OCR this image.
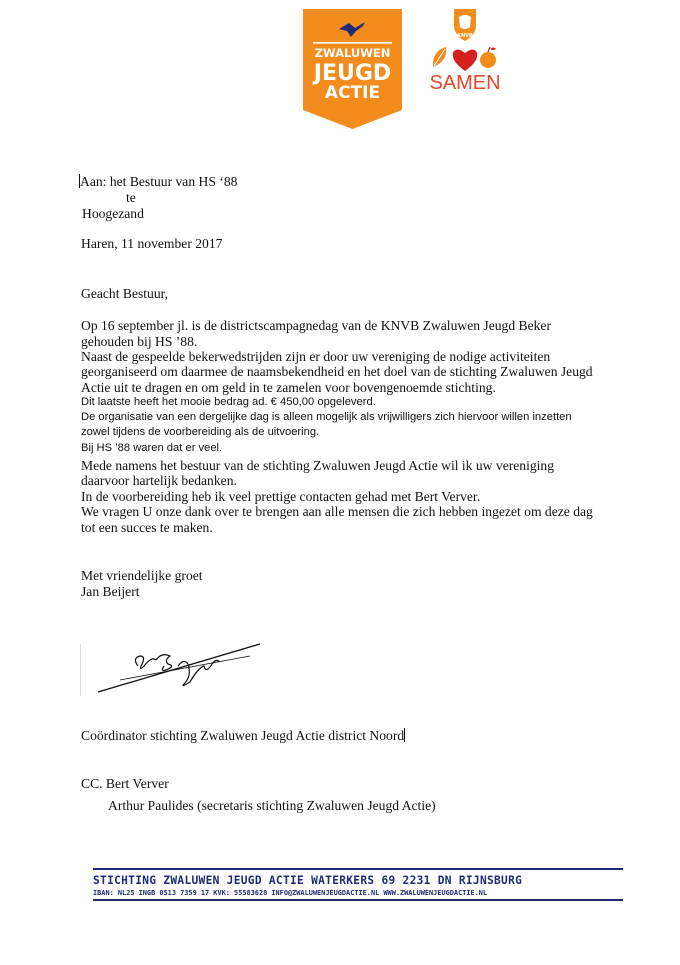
ZWALUWEN
JEUGD
ACTIE
KNVB
SAMEN
Aan: het Bestuur van HS ‘88
te
Hoogezand
Haren, 11 november 2017
Geacht Bestuur,
Op 16 september jl. is de districtscampagnedag van de KNVB Zwaluwen Jeugd Beker
gehouden bij HS ’88.
Naast de gespeelde bekerwedstrijden zijn er door uw vereniging de nodige activiteiten
georganiseerd om daarmee de naamsbekendheid en het doel van de stichting Zwaluwen Jeugd
Actie uit te dragen en om geld in te zamelen voor bovengenoemde stichting.
Dit laatste heeft het mooie bedrag ad. € 450,00 opgeleverd.
De organisatie van een dergelijke dag is alleen mogelijk als vrijwilligers zich hiervoor willen inzetten
zowel tijdens de voorbereiding als de uitvoering.
Bij HS ’88 waren dat er veel.
Mede namens het bestuur van de stichting Zwaluwen Jeugd Actie wil ik uw vereniging
daarvoor hartelijk bedanken.
In de voorbereiding heb ik veel prettige contacten gehad met Bert Verver.
We vragen U onze dank over te brengen aan alle mensen die zich hebben ingezet om deze dag
tot een succes te maken.
Met vriendelijke groet
Jan Beijert
Coördinator stichting Zwaluwen Jeugd Actie district Noord
CC. Bert Verver
Arthur Paulides (secretaris stichting Zwaluwen Jeugd Actie)
STICHTING ZWALUWEN JEUGD ACTIE WATERKERS 69 2231 DN RIJNSBURG
IBAN: NL25 INGB 0513 7359 17 KVK: 55583628 INFO@ZWALUWENJEUGDACTIE.NL WWW.ZWALUWENJEUGDACTIE.NL
